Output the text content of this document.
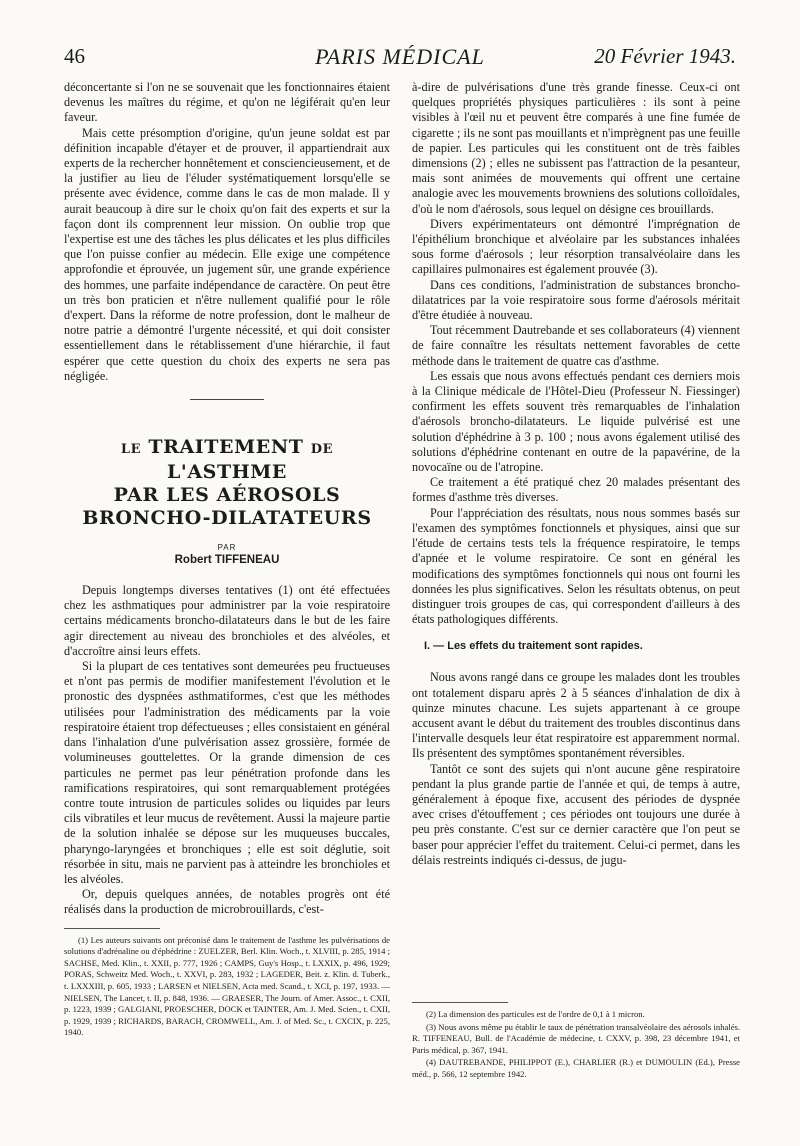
46	PARIS MÉDICAL	20 Février 1943.

déconcertante si l'on ne se souvenait que les fonctionnaires étaient devenus les maîtres du régime, et qu'on ne légiférait qu'en leur faveur.

Mais cette présomption d'origine, qu'un jeune soldat est par définition incapable d'étayer et de prouver, il appartiendrait aux experts de la rechercher honnêtement et consciencieusement, et de la justifier au lieu de l'éluder systématiquement lorsqu'elle se présente avec évidence, comme dans le cas de mon malade. Il y aurait beaucoup à dire sur le choix qu'on fait des experts et sur la façon dont ils comprennent leur mission. On oublie trop que l'expertise est une des tâches les plus délicates et les plus difficiles que l'on puisse confier au médecin. Elle exige une compétence approfondie et éprouvée, un jugement sûr, une grande expérience des hommes, une parfaite indépendance de caractère. On peut être un très bon praticien et n'être nullement qualifié pour le rôle d'expert. Dans la réforme de notre profession, dont le malheur de notre patrie a démontré l'urgente nécessité, et qui doit consister essentiellement dans le rétablissement d'une hiérarchie, il faut espérer que cette question du choix des experts ne sera pas négligée.

LE TRAITEMENT DE L'ASTHME
PAR LES AÉROSOLS
BRONCHO-DILATATEURS
PAR
Robert TIFFENEAU

Depuis longtemps diverses tentatives (1) ont été effectuées chez les asthmatiques pour administrer par la voie respiratoire certains médicaments broncho-dilatateurs dans le but de les faire agir directement au niveau des bronchioles et des alvéoles, et d'accroître ainsi leurs effets.

Si la plupart de ces tentatives sont demeurées peu fructueuses et n'ont pas permis de modifier manifestement l'évolution et le pronostic des dyspnées asthmatiformes, c'est que les méthodes utilisées pour l'administration des médicaments par la voie respiratoire étaient trop défectueuses ; elles consistaient en général dans l'inhalation d'une pulvérisation assez grossière, formée de volumineuses gouttelettes. Or la grande dimension de ces particules ne permet pas leur pénétration profonde dans les ramifications respiratoires, qui sont remarquablement protégées contre toute intrusion de particules solides ou liquides par leurs cils vibratiles et leur mucus de revêtement. Aussi la majeure partie de la solution inhalée se dépose sur les muqueuses buccales, pharyngo-laryngées et bronchiques ; elle est soit déglutie, soit résorbée in situ, mais ne parvient pas à atteindre les bronchioles et les alvéoles.

Or, depuis quelques années, de notables progrès ont été réalisés dans la production de microbrouillards, c'est-

(1) Les auteurs suivants ont préconisé dans le traitement de l'asthme les pulvérisations de solutions d'adrénaline ou d'éphédrine : ZUELZER, Berl. Klin. Woch., t. XLVIII, p. 285, 1914 ; SACHSE, Med. Klin., t. XXII, p. 777, 1926 ; CAMPS, Guy's Hosp., t. LXXIX, p. 496, 1929; PORAS, Schweitz Med. Woch., t. XXVI, p. 283, 1932 ; LAGEDER, Beit. z. Klin. d. Tuberk., t. LXXXIII, p. 605, 1933 ; LARSEN et NIELSEN, Acta med. Scand., t. XCI, p. 197, 1933. — NIELSEN, The Lancet, t. II, p. 848, 1936. — GRAESER, The Journ. of Amer. Assoc., t. CXII, p. 1223, 1939 ; GALGIANI, PROESCHER, DOCK et TAINTER, Am. J. Med. Scien., t. CXII, p. 1929, 1939 ; RICHARDS, BARACH, CROMWELL, Am. J. of Med. Sc., t. CXCIX, p. 225, 1940.

à-dire de pulvérisations d'une très grande finesse. Ceux-ci ont quelques propriétés physiques particulières : ils sont à peine visibles à l'œil nu et peuvent être comparés à une fine fumée de cigarette ; ils ne sont pas mouillants et n'imprègnent pas une feuille de papier. Les particules qui les constituent ont de très faibles dimensions (2) ; elles ne subissent pas l'attraction de la pesanteur, mais sont animées de mouvements qui offrent une certaine analogie avec les mouvements browniens des solutions colloïdales, d'où le nom d'aérosols, sous lequel on désigne ces brouillards.

Divers expérimentateurs ont démontré l'imprégnation de l'épithélium bronchique et alvéolaire par les substances inhalées sous forme d'aérosols ; leur résorption transalvéolaire dans les capillaires pulmonaires est également prouvée (3).

Dans ces conditions, l'administration de substances broncho-dilatatrices par la voie respiratoire sous forme d'aérosols méritait d'être étudiée à nouveau.

Tout récemment Dautrebande et ses collaborateurs (4) viennent de faire connaître les résultats nettement favorables de cette méthode dans le traitement de quatre cas d'asthme.

Les essais que nous avons effectués pendant ces derniers mois à la Clinique médicale de l'Hôtel-Dieu (Professeur N. Fiessinger) confirment les effets souvent très remarquables de l'inhalation d'aérosols broncho-dilatateurs. Le liquide pulvérisé est une solution d'éphédrine à 3 p. 100 ; nous avons également utilisé des solutions d'éphédrine contenant en outre de la papavérine, de la novocaïne ou de l'atropine.

Ce traitement a été pratiqué chez 20 malades présentant des formes d'asthme très diverses.

Pour l'appréciation des résultats, nous nous sommes basés sur l'examen des symptômes fonctionnels et physiques, ainsi que sur l'étude de certains tests tels la fréquence respiratoire, le temps d'apnée et le volume respiratoire. Ce sont en général les modifications des symptômes fonctionnels qui nous ont fourni les données les plus significatives. Selon les résultats obtenus, on peut distinguer trois groupes de cas, qui correspondent d'ailleurs à des états pathologiques différents.

I. — Les effets du traitement sont rapides.

Nous avons rangé dans ce groupe les malades dont les troubles ont totalement disparu après 2 à 5 séances d'inhalation de dix à quinze minutes chacune. Les sujets appartenant à ce groupe accusent avant le début du traitement des troubles discontinus dans l'intervalle desquels leur état respiratoire est apparemment normal. Ils présentent des symptômes spontanément réversibles.

Tantôt ce sont des sujets qui n'ont aucune gêne respiratoire pendant la plus grande partie de l'année et qui, de temps à autre, généralement à époque fixe, accusent des périodes de dyspnée avec crises d'étouffement ; ces périodes ont toujours une durée à peu près constante. C'est sur ce dernier caractère que l'on peut se baser pour apprécier l'effet du traitement. Celui-ci permet, dans les délais restreints indiqués ci-dessus, de jugu-

(2) La dimension des particules est de l'ordre de 0,1 à 1 micron.

(3) Nous avons même pu établir le taux de pénétration transalvéolaire des aérosols inhalés. R. TIFFENEAU, Bull. de l'Académie de médecine, t. CXXV, p. 398, 23 décembre 1941, et Paris médical, p. 367, 1941.

(4) DAUTREBANDE, PHILIPPOT (E.), CHARLIER (R.) et DUMOULIN (Ed.), Presse méd., p. 566, 12 septembre 1942.
